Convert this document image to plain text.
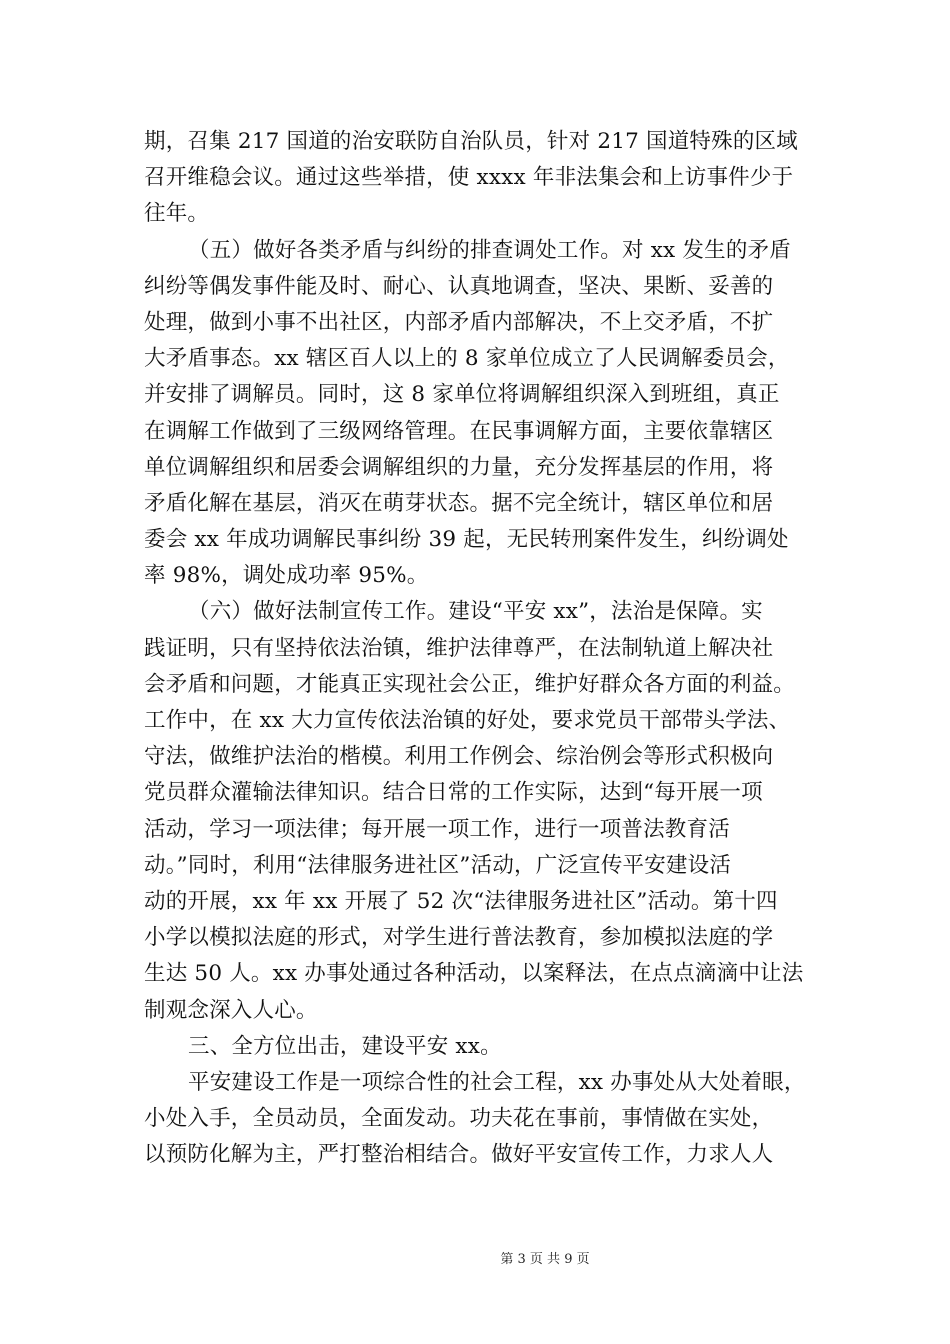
期，召集 217 国道的治安联防自治队员，针对 217 国道特殊的区域
召开维稳会议。通过这些举措，使 xxxx 年非法集会和上访事件少于
往年。
（五）做好各类矛盾与纠纷的排查调处工作。对 xx 发生的矛盾
纠纷等偶发事件能及时、耐心、认真地调查，坚决、果断、妥善的
处理，做到小事不出社区，内部矛盾内部解决，不上交矛盾，不扩
大矛盾事态。xx 辖区百人以上的 8 家单位成立了人民调解委员会，
并安排了调解员。同时，这 8 家单位将调解组织深入到班组，真正
在调解工作做到了三级网络管理。在民事调解方面，主要依靠辖区
单位调解组织和居委会调解组织的力量，充分发挥基层的作用，将
矛盾化解在基层，消灭在萌芽状态。据不完全统计，辖区单位和居
委会 xx 年成功调解民事纠纷 39 起，无民转刑案件发生，纠纷调处
率 98%，调处成功率 95%。
（六）做好法制宣传工作。建设“平安 xx”，法治是保障。实
践证明，只有坚持依法治镇，维护法律尊严，在法制轨道上解决社
会矛盾和问题，才能真正实现社会公正，维护好群众各方面的利益。
工作中，在 xx 大力宣传依法治镇的好处，要求党员干部带头学法、
守法，做维护法治的楷模。利用工作例会、综治例会等形式积极向
党员群众灌输法律知识。结合日常的工作实际，达到“每开展一项
活动，学习一项法律；每开展一项工作，进行一项普法教育活
动。”同时，利用“法律服务进社区”活动，广泛宣传平安建设活
动的开展，xx 年 xx 开展了 52 次“法律服务进社区”活动。第十四
小学以模拟法庭的形式，对学生进行普法教育，参加模拟法庭的学
生达 50 人。xx 办事处通过各种活动，以案释法，在点点滴滴中让法
制观念深入人心。
三、全方位出击，建设平安 xx。
平安建设工作是一项综合性的社会工程，xx 办事处从大处着眼，
小处入手，全员动员，全面发动。功夫花在事前，事情做在实处，
以预防化解为主，严打整治相结合。做好平安宣传工作，力求人人
第 3 页 共 9 页
